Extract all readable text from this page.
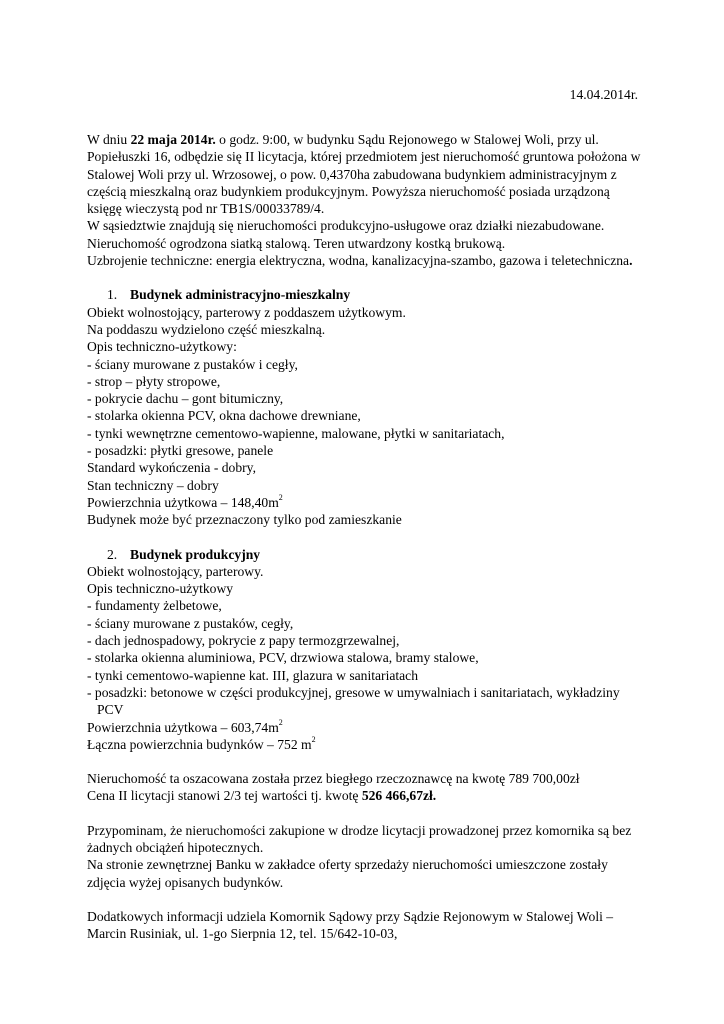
14.04.2014r.
W dniu 22 maja 2014r. o godz. 9:00, w budynku Sądu Rejonowego w Stalowej Woli, przy ul.
Popiełuszki 16, odbędzie się II licytacja, której przedmiotem jest nieruchomość gruntowa położona w
Stalowej Woli przy ul. Wrzosowej, o pow. 0,4370ha zabudowana budynkiem administracyjnym z
częścią mieszkalną oraz budynkiem produkcyjnym. Powyższa nieruchomość posiada urządzoną
księgę wieczystą pod nr TB1S/00033789/4.
W sąsiedztwie znajdują się nieruchomości produkcyjno-usługowe oraz działki niezabudowane.
Nieruchomość ogrodzona siatką stalową. Teren utwardzony kostką brukową.
Uzbrojenie techniczne: energia elektryczna, wodna, kanalizacyjna-szambo, gazowa i teletechniczna.
1. Budynek administracyjno-mieszkalny
Obiekt wolnostojący, parterowy z poddaszem użytkowym.
Na poddaszu wydzielono część mieszkalną.
Opis techniczno-użytkowy:
- ściany murowane z pustaków i cegły,
- strop – płyty stropowe,
- pokrycie dachu – gont bitumiczny,
- stolarka okienna PCV, okna dachowe drewniane,
- tynki wewnętrzne cementowo-wapienne, malowane, płytki w sanitariatach,
- posadzki: płytki gresowe, panele
Standard wykończenia - dobry,
Stan techniczny – dobry
Powierzchnia użytkowa – $148,40m^2$
Budynek może być przeznaczony tylko pod zamieszkanie
2. Budynek produkcyjny
Obiekt wolnostojący, parterowy.
Opis techniczno-użytkowy
- fundamenty żelbetowe,
- ściany murowane z pustaków, cegły,
- dach jednospadowy, pokrycie z papy termozgrzewalnej,
- stolarka okienna aluminiowa, PCV, drzwiowa stalowa, bramy stalowe,
- tynki cementowo-wapienne kat. III, glazura w sanitariatach
- posadzki: betonowe w części produkcyjnej, gresowe w umywalniach i sanitariatach, wykładziny
PCV
Powierzchnia użytkowa – $603,74m^2$
Łączna powierzchnia budynków – 752 $m^2$
Nieruchomość ta oszacowana została przez biegłego rzeczoznawcę na kwotę 789 700,00zł
Cena II licytacji stanowi 2/3 tej wartości tj. kwotę 526 466,67zł.
Przypominam, że nieruchomości zakupione w drodze licytacji prowadzonej przez komornika są bez
żadnych obciążeń hipotecznych.
Na stronie zewnętrznej Banku w zakładce oferty sprzedaży nieruchomości umieszczone zostały
zdjęcia wyżej opisanych budynków.
Dodatkowych informacji udziela Komornik Sądowy przy Sądzie Rejonowym w Stalowej Woli –
Marcin Rusiniak, ul. 1-go Sierpnia 12, tel. 15/642-10-03,
